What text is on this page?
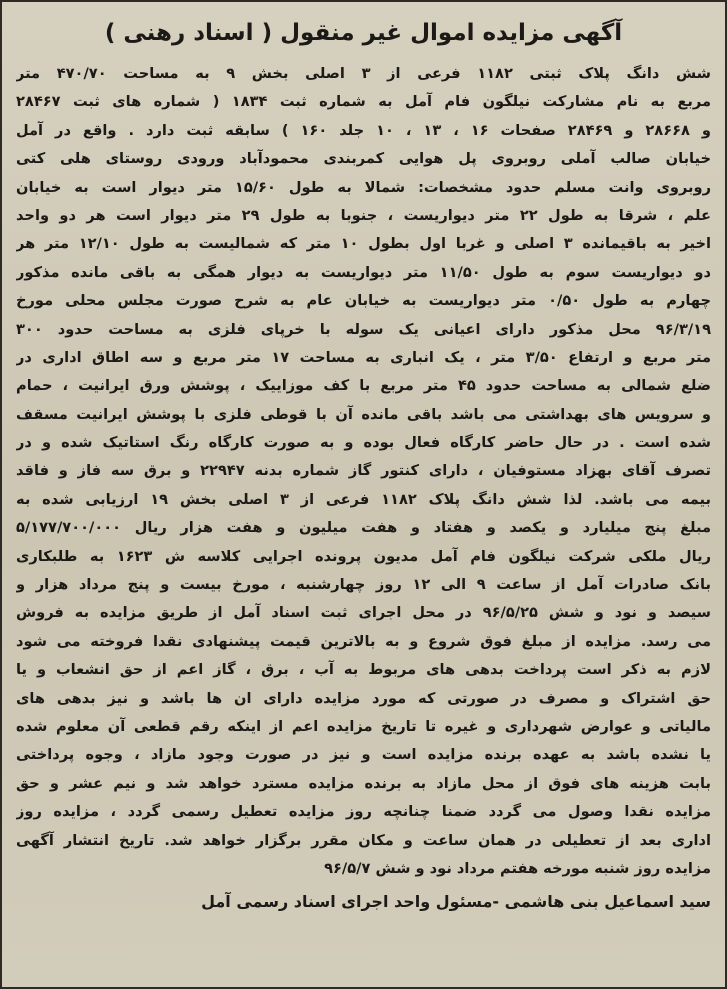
آگهی مزایده اموال غیر منقول ( اسناد رهنی )
شش دانگ پلاک ثبتی ۱۱۸۲ فرعی از ۳ اصلی بخش ۹ به مساحت ۴۷۰/۷۰ متر
مربع به نام مشارکت نیلگون فام آمل به شماره ثبت ۱۸۳۴ ( شماره های ثبت ۲۸۴۶۷
و ۲۸۶۶۸ و ۲۸۴۶۹ صفحات ۱۶ ، ۱۳ ، ۱۰ جلد ۱۶۰ ) سابقه ثبت دارد . واقع در آمل
خیابان صالب آملی روبروی پل هوایی کمربندی محمودآباد ورودی روستای هلی کتی
روبروی وانت مسلم حدود مشخصات: شمالا به طول ۱۵/۶۰ متر دیوار است به خیابان
علم ، شرقا به طول ۲۲ متر دیواریست ، جنوبا به طول ۲۹ متر دیوار است هر دو واحد
اخیر به باقیمانده ۳ اصلی و غربا اول بطول ۱۰ متر که شمالیست به طول ۱۲/۱۰ متر هر
دو دیواریست سوم به طول ۱۱/۵۰ متر دیواریست به دیوار همگی به باقی مانده مذکور
چهارم به طول ۰/۵۰ متر دیواریست به خیابان عام به شرح صورت مجلس محلی مورخ
۹۶/۳/۱۹ محل مذکور دارای اعیانی یک سوله با خرپای فلزی به مساحت حدود ۳۰۰
متر مربع و ارتفاع ۳/۵۰ متر ، یک انباری به مساحت ۱۷ متر مربع و سه اطاق اداری در
ضلع شمالی به مساحت حدود ۴۵ متر مربع با کف موزاییک ، پوشش ورق ایرانیت ، حمام
و سرویس های بهداشتی می باشد باقی مانده آن با قوطی فلزی با پوشش ایرانیت مسقف
شده است . در حال حاضر کارگاه فعال بوده و به صورت کارگاه رنگ استاتیک شده و در
تصرف آقای بهزاد مستوفیان ، دارای کنتور گاز شماره بدنه ۲۲۹۴۷ و برق سه فاز و فاقد
بیمه می باشد. لذا شش دانگ پلاک ۱۱۸۲ فرعی از ۳ اصلی بخش ۱۹ ارزیابی شده به
مبلغ پنج میلیارد و یکصد و هفتاد و هفت میلیون و هفت هزار ریال ۵/۱۷۷/۷۰۰/۰۰۰
ریال ملکی شرکت نیلگون فام آمل مدیون پرونده اجرایی کلاسه ش ۱۶۲۳ به طلبکاری
بانک صادرات آمل از ساعت ۹ الی ۱۲ روز چهارشنبه ، مورخ بیست و پنج مرداد هزار و
سیصد و نود و شش ۹۶/۵/۲۵ در محل اجرای ثبت اسناد آمل از طریق مزایده به فروش
می رسد. مزایده از مبلغ فوق شروع و به بالاترین قیمت پیشنهادی نقدا فروخته می شود
لازم به ذکر است پرداخت بدهی های مربوط به آب ، برق ، گاز اعم از حق انشعاب و یا
حق اشتراک و مصرف در صورتی که مورد مزایده دارای ان ها باشد و نیز بدهی های
مالیاتی و عوارض شهرداری و غیره تا تاریخ مزایده اعم از اینکه رقم قطعی آن معلوم شده
یا نشده باشد به عهده برنده مزایده است و نیز در صورت وجود مازاد ، وجوه پرداختی
بابت هزینه های فوق از محل مازاد به برنده مزایده مسترد خواهد شد و نیم عشر و حق
مزایده نقدا وصول می گردد ضمنا چنانچه روز مزایده تعطیل رسمی گردد ، مزایده روز
اداری بعد از تعطیلی در همان ساعت و مکان مقرر برگزار خواهد شد. تاریخ انتشار آگهی
مزایده روز شنبه مورخه هفتم مرداد نود و شش ۹۶/۵/۷
سید اسماعیل بنی هاشمی -مسئول واحد اجرای اسناد رسمی آمل
